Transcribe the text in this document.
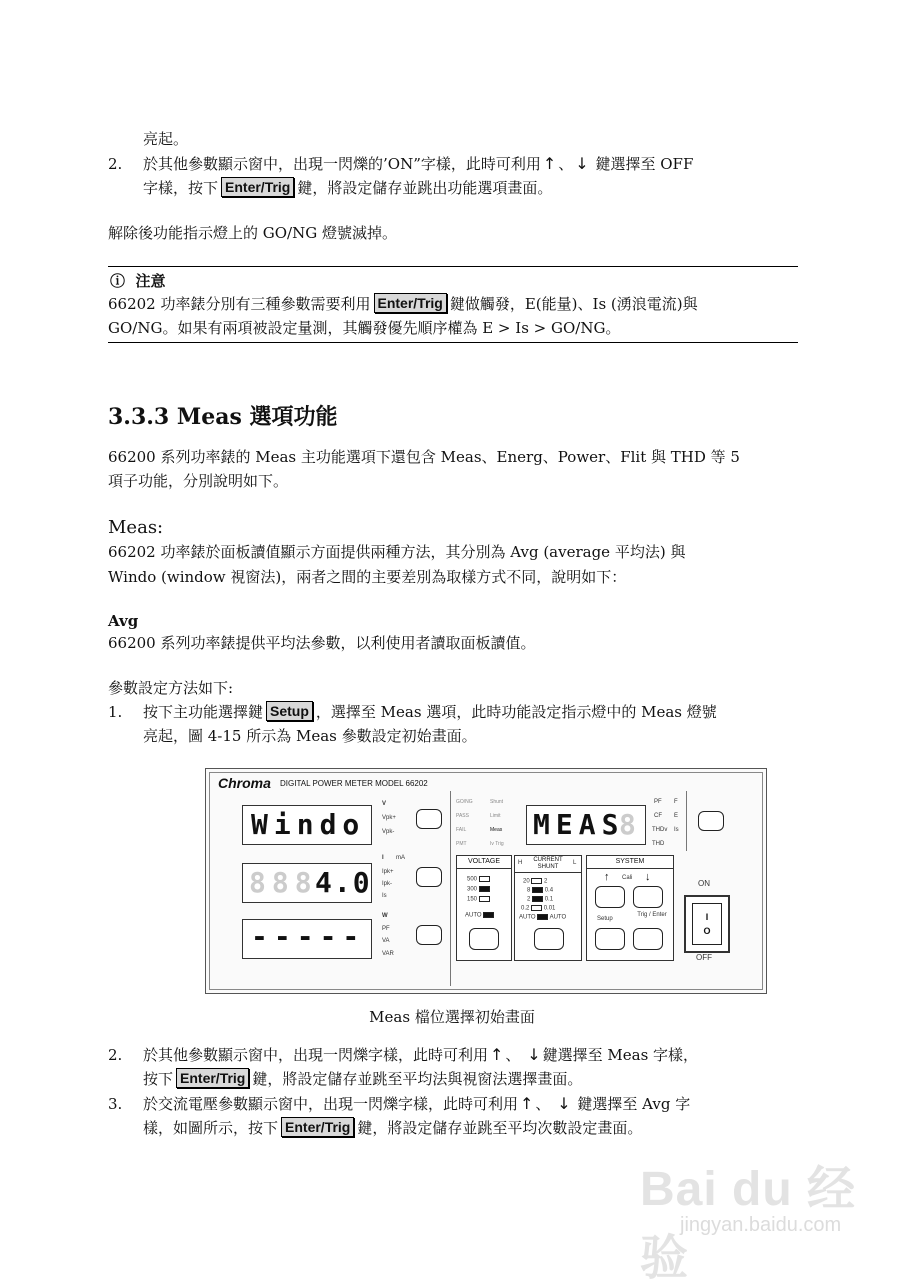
亮起。
2. 於其他參數顯示窗中，出現一閃爍的’ON”字樣，此時可利用 ↑ 、 ↓ 鍵選擇至 OFF
字樣，按下 Enter/Trig 鍵，將設定儲存並跳出功能選項畫面。
解除後功能指示燈上的 GO/NG 燈號滅掉。
ⓘ 注意
66202 功率錶分別有三種參數需要利用 Enter/Trig 鍵做觸發，E(能量)、Is (湧浪電流)與
GO/NG。如果有兩項被設定量測，其觸發優先順序權為 E > Is > GO/NG。
3.3.3 Meas 選項功能
66200 系列功率錶的 Meas 主功能選項下還包含 Meas、Energ、Power、Flit 與 THD 等 5
項子功能，分別說明如下。
Meas:
66202 功率錶於面板讀值顯示方面提供兩種方法，其分別為 Avg (average 平均法) 與
Windo (window 視窗法)，兩者之間的主要差別為取樣方式不同，說明如下：
Avg
66200 系列功率錶提供平均法參數，以利使用者讀取面板讀值。
參數設定方法如下:
1. 按下主功能選擇鍵 Setup ，選擇至 Meas 選項，此時功能設定指示燈中的 Meas 燈號
亮起，圖 4-15 所示為 Meas 參數設定初始畫面。
Chroma DIGITAL POWER METER MODEL 66202
Windo
888
4.0
-----
V
Vpk+
Vpk-
I mA
Ipk+
Ipk-
Is
W
PF
VA
VAR
GO/NG
PASS
FAIL
PMT
Shunt
Limit
Meas
Iv Trig
MEAS
8
PF F
CF E
THDv Is
THD
VOLTAGE
500
300
150
AUTO
H	CURRENT SHUNT
L
20 2
8 0.4
2 0.1
0.2 0.01
AUTO AUTO
SYSTEM
↑ Cali ↓
Setup
Trig / Enter
ON
I
O
OFF
Meas 檔位選擇初始畫面
2. 於其他參數顯示窗中，出現一閃爍字樣，此時可利用 ↑ 、 ↓ 鍵選擇至 Meas 字樣，
按下 Enter/Trig 鍵，將設定儲存並跳至平均法與視窗法選擇畫面。
3. 於交流電壓參數顯示窗中，出現一閃爍字樣，此時可利用 ↑ 、 ↓ 鍵選擇至 Avg 字
樣，如圖所示，按下 Enter/Trig 鍵，將設定儲存並跳至平均次數設定畫面。
Bai du 经验
jingyan.baidu.com
